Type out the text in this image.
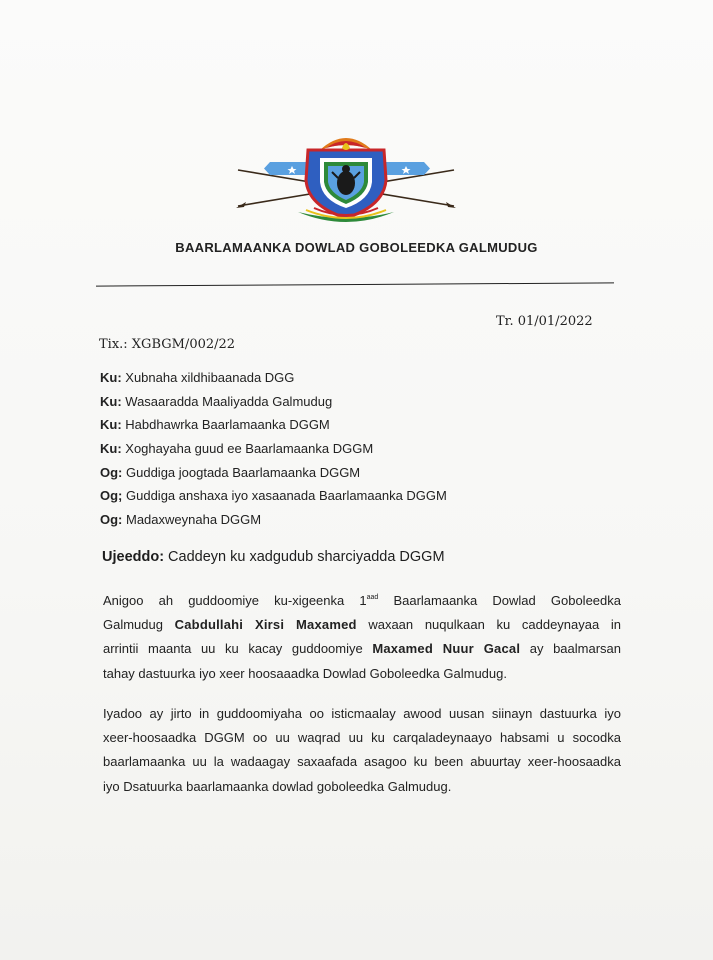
BAARLAMAANKA DOWLAD GOBOLEEDKA GALMUDUG
Tr. 01/01/2022
Tix.: XGBGM/002/22
Ku: Xubnaha xildhibaanada DGG
Ku: Wasaaradda Maaliyadda Galmudug
Ku: Habdhawrka Baarlamaanka DGGM
Ku: Xoghayaha guud ee Baarlamaanka DGGM
Og: Guddiga joogtada Baarlamaanka DGGM
Og; Guddiga anshaxa iyo xasaanada Baarlamaanka DGGM
Og: Madaxweynaha DGGM
Ujeeddo: Caddeyn ku xadgudub sharciyadda DGGM
Anigoo ah guddoomiye ku-xigeenka $1^{aad}$ Baarlamaanka Dowlad Goboleedka
Galmudug Cabdullahi Xirsi Maxamed waxaan nuqulkaan ku caddeynayaa in
arrintii maanta uu ku kacay guddoomiye Maxamed Nuur Gacal ay baalmarsan
tahay dastuurka iyo xeer hoosaaadka Dowlad Goboleedka Galmudug.
Iyadoo ay jirto in guddoomiyaha oo isticmaalay awood uusan siinayn dastuurka iyo
xeer-hoosaadka DGGM oo uu waqrad uu ku carqaladeynaayo habsami u socodka
baarlamaanka uu la wadaagay saxaafada asagoo ku been abuurtay xeer-hoosaadka
iyo Dsatuurka baarlamaanka dowlad goboleedka Galmudug.
